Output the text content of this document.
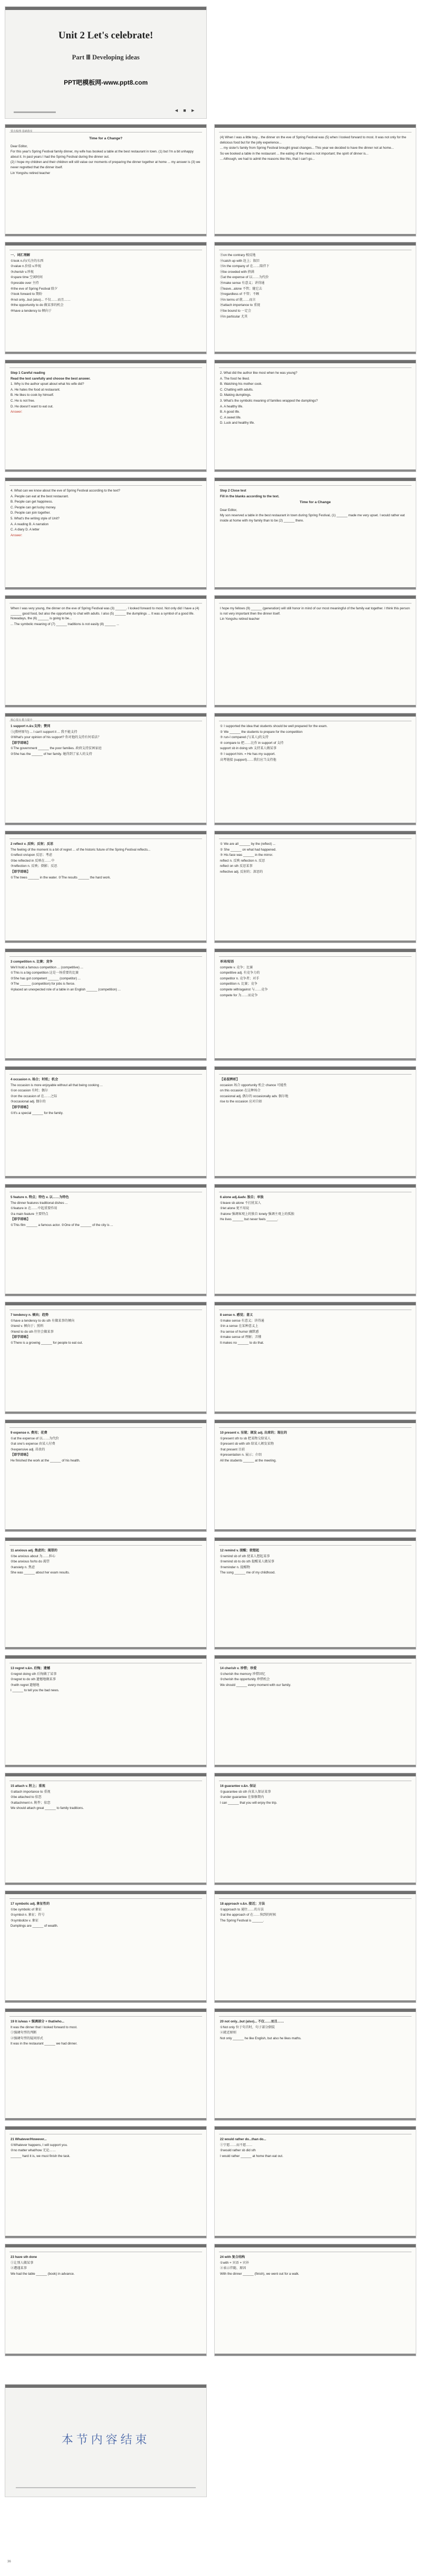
Unit 2 Let's celebrate!
Part Ⅲ Developing ideas
PPT吧模板网-www.ppt8.com
◄ ■ ►
要点梳理·基础落实

Time for a Change?

Dear Editor,

For this year's Spring Festival family dinner, my wife has booked a table at the best restaurant in town. (1) but I'm a bit unhappy about it. In past years I had the Spring Festival during the dinner out.

(2) I hope my children and their children will still value our moments of preparing the dinner together at home ... my answer is (3) we never regretted that the dinner itself.

Lin Yongshu retired teacher

(4) When I was a little boy... the dinner on the eve of Spring Festival was (5) when I looked forward to most. It was not only for the delicious food but for the jolly experience...

... my sister's family from Spring Festival brought great changes... This year we decided to have the dinner not at home...

So we booked a table in the restaurant ... the eating of the meal is not important; the spirit of dinner is...

... Although, we had to admit the reasons like this, that I can't go...

一、词汇理解

①look n.向/关注的东西

②value n.价值 v.珍视

③cherish v.珍视

④spare time 空闲时间

⑤preside over 主持

⑥the eve of Spring Festival 除夕

⑦look forward to 期盼

⑧not only...but (also)... 不仅……而且……

⑨the opportunity to do 做某事的机会

⑩have a tendency to 倾向于

⑪on the contrary 相反地

⑫catch up with 赶上；叙旧

⑬in the company of 在……陪伴下

⑭be crowded with 挤满

⑮at the expense of 以……为代价

⑯make sense 有意义；讲得通

⑰leave...alone 不管；随它去

⑱regardless of 不管；不顾

⑲in terms of 就……而言

⑳attach importance to 重视

㉑be bound to 一定会

㉒in particular 尤其

Step 1 Careful reading

Read the text carefully and choose the best answer.

1. Why is the author upset about what his wife did?

A. He hates the food at restaurant.

B. He likes to cook by himself.

C. He is not free.

D. He doesn't want to eat out.

Answer:

2. What did the author like most when he was young?

A. The food he liked.

B. Watching his mother cook.

C. Chatting with adults.

D. Making dumplings.

3. What's the symbolic meaning of families wrapped the dumplings?

A. A healthy life.

B. A good life.

C. A sweet life.

D. Luck and healthy life.

4. What can we know about the eve of Spring Festival according to the text?

A. People can eat at the best restaurant.

B. People can get happiness.

C. People can get lucky money.

D. People can join together.

5. What's the writing style of Unit?

A. A reading B. A narration

C. A diary D. A letter

Answer:

Step 2 Close test

Fill in the blanks according to the text.

Time for a Change

Dear Editor,

My son reserved a table in the best restaurant in town during Spring Festival, (1) ______ made me very upset. I would rather eat inside at home with my family than to be (2) ______ there.

When I was very young, the dinner on the eve of Spring Festival was (3) ______. I looked forward to most. Not only did I have a (4) ______ good food, but also the opportunity to chat with adults. I also (5) ______ the dumplings ... It was a symbol of a good life. Nowadays, the (6) ______ is going to be...

... The symbolic meaning of (7) ______ traditions is not easily (8) ______ ...

I hope my fellows (9) ______ (generation) will still honor in mind of our most meaningful of the family eat together. I think this person is not very important then the dinner itself.

Lin Yongshu retired teacher

核心要点·能力提升

1 support n.&v.支持；赞同

①(教材原句) ... I can't support it ... 我不能支持

②What's your opinion of his support? 你对他的支持有何看法？

【即学即练】

①The government ______ the poor families. 政府支持贫困家庭

②She has the ______ of her family. 她得到了家人的支持

① I supported the idea that students should be well prepared for the exam.

② We ______ the students to prepare for the competition

③ run-I compared (与某人)的支持

④ compare to 把……比作 in support of 支持

support sb in doing sth 支持某人做某事

⑤ I support him. = He has my support.

高考链接 (support)……我们应当支持他

2 reflect v. 反映；反射；反思

The feeling of the moment is a bit of regret ... of the historic future of the Spring Festival reflects...

①reflect on/upon 反思；考虑

②be reflected in 反映在……中

③reflection n. 反映；倒影；反思

【即学即练】

①The trees ______ in the water. ②The results ______ the hard work.

① We are all ______ by the (reflect) ...

② She ______ on what had happened.

③ His face was ______ in the mirror.

reflect n. 反映 reflection n. 反思

reflect on sth 反思某事

reflective adj. 反射的；深思的

3 competition n. 比赛；竞争

We'll hold a famous competition ... (competitive) ...

①This is a big competition 这是一场重要的比赛

②She has got competent ______ (competitor) ...

③The ______ (competition) for jobs is fierce.

④placed an unexpected role of a table in an English ______ (competition) ...

单词/短语

compete v. 竞争；比赛

competitive adj. 有竞争力的

competitor n. 竞争者；对手

competition n. 比赛；竞争

compete with/against 与……竞争

compete for 为……而竞争

4 occasion n. 场合；时机；机会

The occasion is more enjoyable without all that being cooking ...

①on occasion 有时；偶尔

②on the occasion of 在……之际

③occasional adj. 偶尔的

【即学即练】

①It's a special ______ for the family.

【易混辨析】

occasion 场合 opportunity 机会 chance 可能性

on this occasion 在这种场合

occasional adj. 偶尔的 occasionally adv. 偶尔地

rise to the occasion 应对自如

5 feature n. 特点；特色 v. 以……为特色

The dinner features traditional dishes ...

①feature in 在……中起重要作用

②a main feature 主要特点

【即学即练】

①This film ______ a famous actor. ②One of the ______ of the city is ...

6 alone adj.&adv. 独自；单独

①leave sb alone 不打扰某人

②let alone 更不用说

③alone 强调客观上的独自 lonely 强调主观上的孤独

He lives ______ but never feels ______.

7 tendency n. 倾向；趋势

①have a tendency to do sth 有做某事的倾向

②tend v. 倾向于；照料

③tend to do sth 往往会做某事

【即学即练】

①There is a growing ______ for people to eat out.

8 sense n. 感觉；意义

①make sense 有意义；讲得通

②in a sense 在某种意义上

③a sense of humor 幽默感

④make sense of 理解；弄懂

It makes no ______ to do that.

9 expense n. 费用；花费

①at the expense of 以……为代价

②at one's expense 由某人付费

③expensive adj. 昂贵的

【即学即练】

He finished the work at the ______ of his health.

10 present v. 呈现；颁发 adj. 出席的；现在的

①present sth to sb 把某物交给某人

②present sb with sth 给某人颁发某物

③at present 目前

④presentation n. 展示；介绍

All the students ______ at the meeting.

11 anxious adj. 焦虑的；渴望的

①be anxious about 为……担心

②be anxious for/to do 渴望

③anxiety n. 焦虑

She was ______ about her exam results.

12 remind v. 提醒；使想起

①remind sb of sth 使某人想起某事

②remind sb to do sth 提醒某人做某事

③reminder n. 提醒物

The song ______ me of my childhood.

13 regret v.&n. 后悔；遗憾

①regret doing sth 后悔做了某事

②regret to do sth 遗憾地做某事

③with regret 遗憾地

I ______ to tell you the bad news.

14 cherish v. 珍惜；珍爱

①cherish the memory 珍惜回忆

②cherish the opportunity 珍惜机会

We should ______ every moment with our family.

15 attach v. 附上；重视

①attach importance to 重视

②be attached to 依恋

③attachment n. 附件；依恋

We should attach great ______ to family traditions.

16 guarantee v.&n. 保证

①guarantee sb sth 向某人保证某事

②under guarantee 在保修期内

I can ______ that you will enjoy the trip.

17 symbolic adj. 象征性的

①be symbolic of 象征

②symbol n. 象征；符号

③symbolize v. 象征

Dumplings are ______ of wealth.

18 approach v.&n. 接近；方法

①approach to 通往……的方法

②at the approach of 在……快到的时候

The Spring Festival is ______.

19 It is/was + 强调部分 + that/who...

It was the dinner that I looked forward to most.

①强调句型的判断

②强调句型的疑问形式

It was in the restaurant ______ we had dinner.

20 not only...but (also)... 不仅……而且……

①Not only 位于句首时，句子部分倒装

②就近原则

Not only ______ he like English, but also he likes maths.

21 Whatever/However...

①Whatever happens, I will support you.

②no matter what/how 无论……

______ hard it is, we must finish the task.

22 would rather do...than do...

①宁愿……而不愿……

②would rather sb did sth

I would rather ______ at home than eat out.

23 have sth done

①让别人做某事

②遭遇某事

We had the table ______ (book) in advance.

24 with 复合结构

①with + 宾语 + 宾补

②表示伴随、原因

With the dinner ______ (finish), we went out for a walk.

本节内容结束
36
